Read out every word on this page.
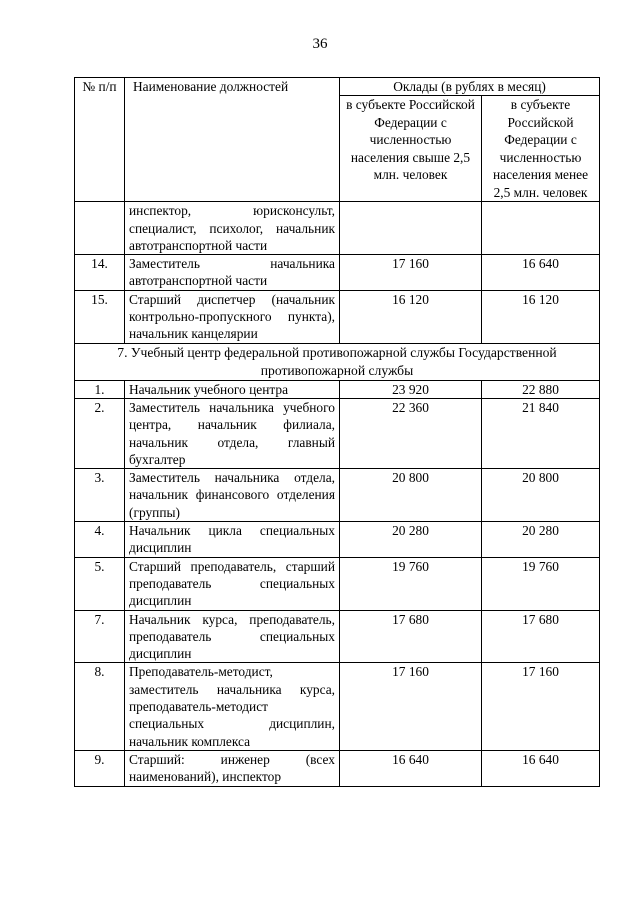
36
№ п/п	Наименование должностей	Оклады (в рублях в месяц)	
		в субъекте Российской Федерации с численностью населения свыше 2,5 млн. человек	в субъекте Российской Федерации с численностью населения менее 2,5 млн. человек
	инспектор, юрисконсульт, специалист, психолог, начальник автотранспортной части		
14.	Заместитель начальника автотранспортной части	17 160	16 640
15.	Старший диспетчер (начальник контрольно-пропускного пункта), начальник канцелярии	16 120	16 120
7. Учебный центр федеральной противопожарной службы Государственной противопожарной службы			
1.	Начальник учебного центра	23 920	22 880
2.	Заместитель начальника учебного центра, начальник филиала, начальник отдела, главный бухгалтер	22 360	21 840
3.	Заместитель начальника отдела, начальник финансового отделения (группы)	20 800	20 800
4.	Начальник цикла специальных дисциплин	20 280	20 280
5.	Старший преподаватель, старший преподаватель специальных дисциплин	19 760	19 760
7.	Начальник курса, преподаватель, преподаватель специальных дисциплин	17 680	17 680
8.	Преподаватель-методист, заместитель начальника курса, преподаватель-методист специальных дисциплин, начальник комплекса	17 160	17 160
9.	Старший: инженер (всех наименований), инспектор	16 640	16 640
